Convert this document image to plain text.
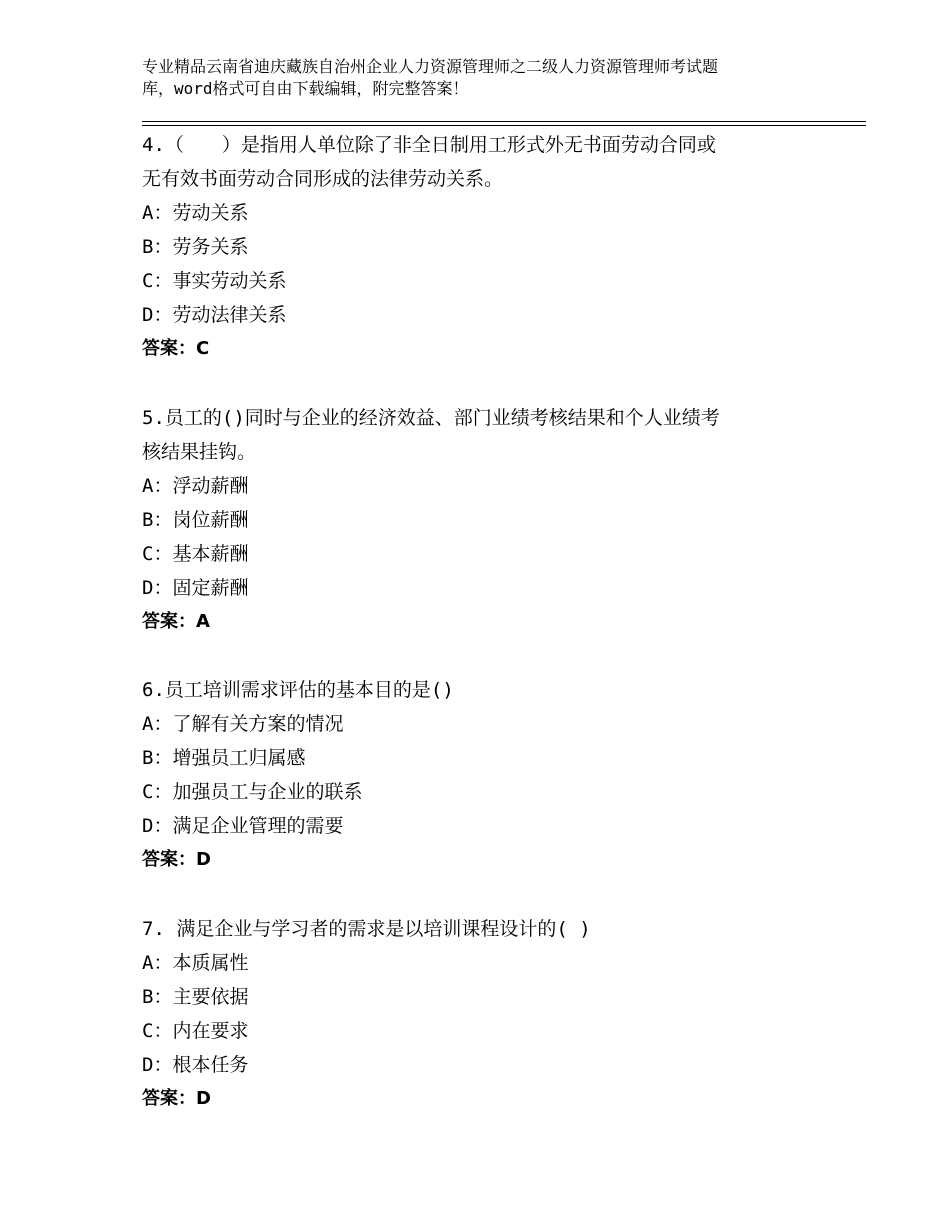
专业精品云南省迪庆藏族自治州企业人力资源管理师之二级人力资源管理师考试题
库，word格式可自由下载编辑，附完整答案！
4.（　　）是指用人单位除了非全日制用工形式外无书面劳动合同或
无有效书面劳动合同形成的法律劳动关系。
A：劳动关系
B：劳务关系
C：事实劳动关系
D：劳动法律关系
答案：C
5.员工的()同时与企业的经济效益、部门业绩考核结果和个人业绩考
核结果挂钩。
A：浮动薪酬
B：岗位薪酬
C：基本薪酬
D：固定薪酬
答案：A
6.员工培训需求评估的基本目的是()
A：了解有关方案的情况
B：增强员工归属感
C：加强员工与企业的联系
D：满足企业管理的需要
答案：D
7. 满足企业与学习者的需求是以培训课程设计的( )
A：本质属性
B：主要依据
C：内在要求
D：根本任务
答案：D
